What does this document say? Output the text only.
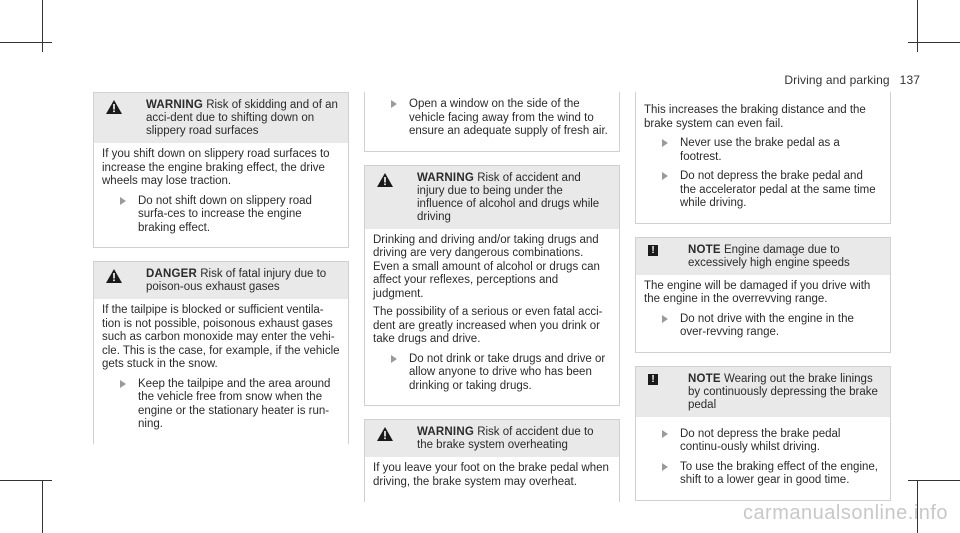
Driving and parking 137
WARNING Risk of skidding and of an acci-dent due to shifting down on slippery road surfaces

If you shift down on slippery road surfaces to increase the engine braking effect, the drive wheels may lose traction.

Do not shift down on slippery road surfa-ces to increase the engine braking effect.
DANGER Risk of fatal injury due to poison-ous exhaust gases

If the tailpipe is blocked or sufficient ventila-tion is not possible, poisonous exhaust gases such as carbon monoxide may enter the vehi-cle. This is the case, for example, if the vehicle gets stuck in the snow.

Keep the tailpipe and the area around the vehicle free from snow when the engine or the stationary heater is run-ning.
Open a window on the side of the vehicle facing away from the wind to ensure an adequate supply of fresh air.
WARNING Risk of accident and injury due to being under the influence of alcohol and drugs while driving

Drinking and driving and/or taking drugs and driving are very dangerous combinations. Even a small amount of alcohol or drugs can affect your reflexes, perceptions and judgment.

The possibility of a serious or even fatal acci-dent are greatly increased when you drink or take drugs and drive.

Do not drink or take drugs and drive or allow anyone to drive who has been drinking or taking drugs.
WARNING Risk of accident due to the brake system overheating

If you leave your foot on the brake pedal when driving, the brake system may overheat.

This increases the braking distance and the brake system can even fail.

Never use the brake pedal as a footrest.
Do not depress the brake pedal and the accelerator pedal at the same time while driving.
!	NOTE Engine damage due to excessively high engine speeds

The engine will be damaged if you drive with the engine in the overrevving range.

Do not drive with the engine in the over-revving range.
!	NOTE Wearing out the brake linings by continuously depressing the brake pedal
Do not depress the brake pedal continu-ously whilst driving.
To use the braking effect of the engine, shift to a lower gear in good time.
carmanualsonline.info
